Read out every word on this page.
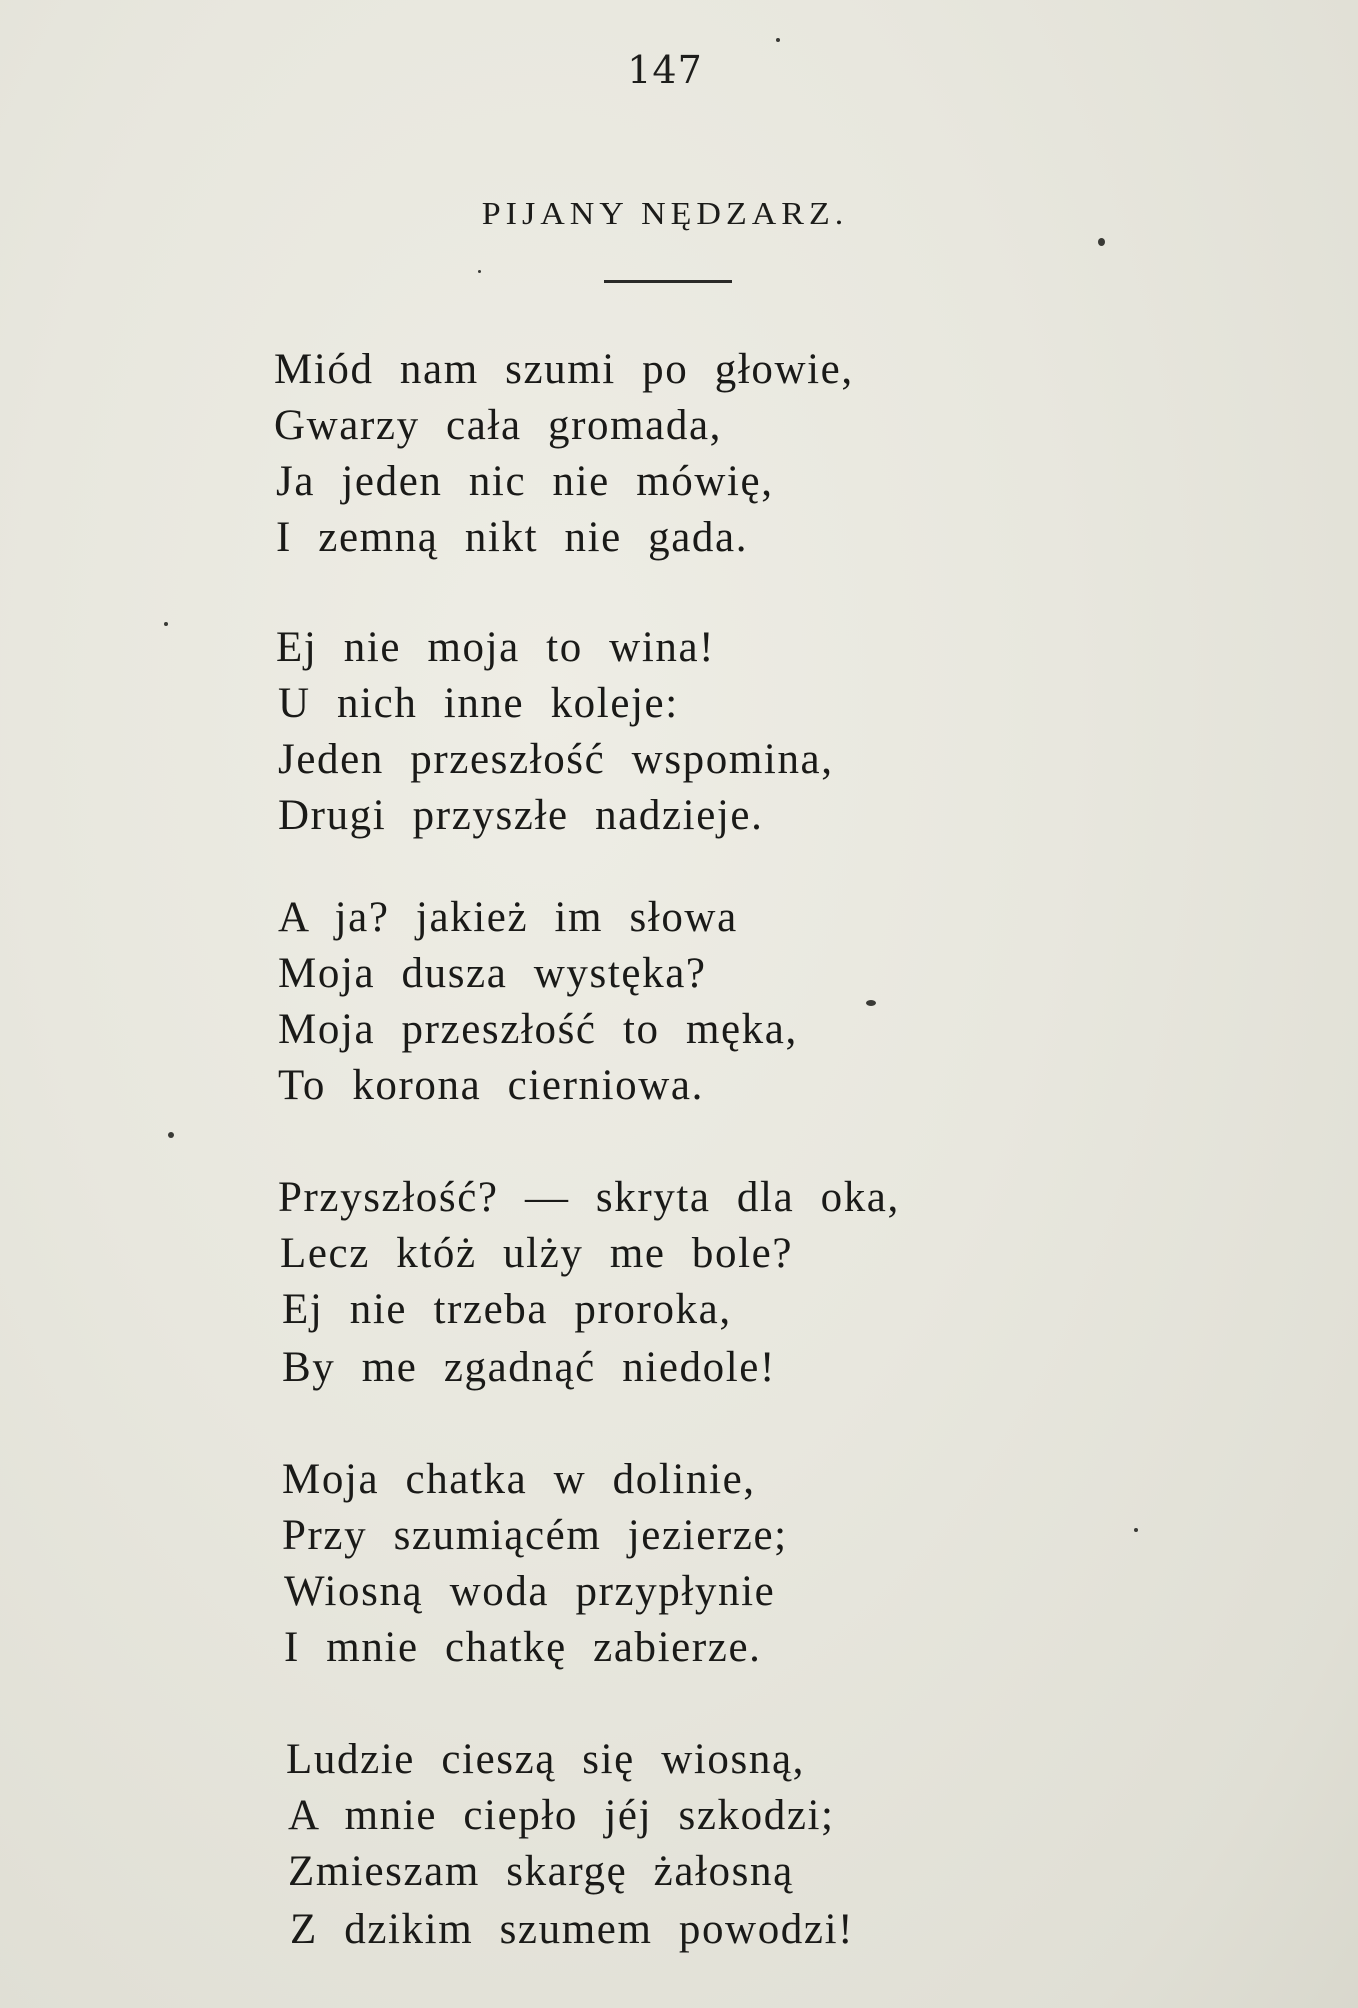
147
PIJANY NĘDZARZ.
Miód nam szumi po głowie,
Gwarzy cała gromada,
Ja jeden nic nie mówię,
I zemną nikt nie gada.
Ej nie moja to wina!
U nich inne koleje:
Jeden przeszłość wspomina,
Drugi przyszłe nadzieje.
A ja? jakież im słowa
Moja dusza wystęka?
Moja przeszłość to męka,
To korona cierniowa.
Przyszłość? — skryta dla oka,
Lecz któż ulży me bole?
Ej nie trzeba proroka,
By me zgadnąć niedole!
Moja chatka w dolinie,
Przy szumiącém jezierze;
Wiosną woda przypłynie
I mnie chatkę zabierze.
Ludzie cieszą się wiosną,
A mnie ciepło jéj szkodzi;
Zmieszam skargę żałosną
Z dzikim szumem powodzi!
